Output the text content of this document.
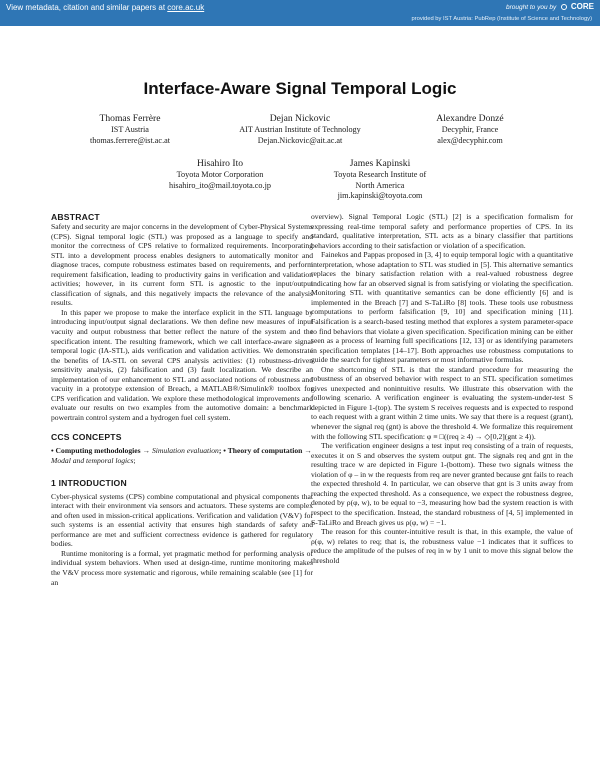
View metadata, citation and similar papers at core.ac.uk	brought to you by CORE
provided by IST Austria: PubRep (Institute of Science and Technology)
Interface-Aware Signal Temporal Logic
Thomas Ferrère
IST Austria
thomas.ferrere@ist.ac.at
Dejan Nickovic
AIT Austrian Institute of Technology
Dejan.Nickovic@ait.ac.at
Alexandre Donzé
Decyphir, France
alex@decyphir.com
Hisahiro Ito
Toyota Motor Corporation
hisahiro_ito@mail.toyota.co.jp
James Kapinski
Toyota Research Institute of
North America
jim.kapinski@toyota.com
ABSTRACT

Safety and security are major concerns in the development of Cyber-Physical Systems (CPS). Signal temporal logic (STL) was proposed as a language to specify and monitor the correctness of CPS relative to formalized requirements. Incorporating STL into a development process enables designers to automatically monitor and diagnose traces, compute robustness estimates based on requirements, and perform requirement falsification, leading to productivity gains in verification and validation activities; however, in its current form STL is agnostic to the input/output classification of signals, and this negatively impacts the relevance of the analysis results.

In this paper we propose to make the interface explicit in the STL language by introducing input/output signal declarations. We then define new measures of input vacuity and output robustness that better reflect the nature of the system and the specification intent. The resulting framework, which we call interface-aware signal temporal logic (IA-STL), aids verification and validation activities. We demonstrate the benefits of IA-STL on several CPS analysis activities: (1) robustness-driven sensitivity analysis, (2) falsification and (3) fault localization. We describe an implementation of our enhancement to STL and associated notions of robustness and vacuity in a prototype extension of Breach, a MATLAB®/Simulink® toolbox for CPS verification and validation. We explore these methodological improvements and evaluate our results on two examples from the automotive domain: a benchmark powertrain control system and a hydrogen fuel cell system.

CCS CONCEPTS

• Computing methodologies → Simulation evaluation; • Theory of computation → Modal and temporal logics;

1 INTRODUCTION

Cyber-physical systems (CPS) combine computational and physical components that interact with their environment via sensors and actuators. These systems are complex and often used in mission-critical applications. Verification and validation (V&V) for such systems is an essential activity that ensures high standards of safety and performance are met and sufficient correctness evidence is gathered for regulatory bodies.

Runtime monitoring is a formal, yet pragmatic method for performing analysis of individual system behaviors. When used at design-time, runtime monitoring makes the V&V process more systematic and rigorous, while remaining scalable (see [1] for an

overview). Signal Temporal Logic (STL) [2] is a specification formalism for expressing real-time temporal safety and performance properties of CPS. In its standard, qualitative interpretation, STL acts as a binary classifier that partitions behaviors according to their satisfaction or violation of a specification.

Fainekos and Pappas proposed in [3, 4] to equip temporal logic with a quantitative interpretation, whose adaptation to STL was studied in [5]. This alternative semantics replaces the binary satisfaction relation with a real-valued robustness degree indicating how far an observed signal is from satisfying or violating the specification. Monitoring STL with quantitative semantics can be done efficiently [6] and is implemented in the Breach [7] and S-TaLiRo [8] tools. These tools use robustness computations to perform falsification [9, 10] and specification mining [11]. Falsification is a search-based testing method that explores a system parameter-space to find behaviors that violate a given specification. Specification mining can be either seen as a process of learning full specifications [12, 13] or as identifying parameters in specification templates [14–17]. Both approaches use robustness computations to guide the search for tightest parameters or most informative formulas.

One shortcoming of STL is that the standard procedure for measuring the robustness of an observed behavior with respect to an STL specification sometimes gives unexpected and nonintuitive results. We illustrate this observation with the following scenario. A verification engineer is evaluating the system-under-test S depicted in Figure 1-(top). The system S receives requests and is expected to respond to each request with a grant within 2 time units. We say that there is a request (grant), whenever the signal req (gnt) is above the threshold 4. We formalize this requirement with the following STL specification: φ ≡ □((req ≥ 4) → ◇[0,2](gnt ≥ 4)).

The verification engineer designs a test input req consisting of a train of requests, executes it on S and observes the system output gnt. The signals req and gnt in the resulting trace w are depicted in Figure 1-(bottom). These two signals witness the violation of φ – in w the requests from req are never granted because gnt fails to reach the expected threshold 4. In particular, we can observe that gnt is 3 units away from reaching the expected threshold. As a consequence, we expect the robustness degree, denoted by ρ(φ, w), to be equal to −3, measuring how bad the system reaction is with respect to the specification. Instead, the standard robustness of [4, 5] implemented in S-TaLiRo and Breach gives us ρ(φ, w) = −1.

The reason for this counter-intuitive result is that, in this example, the value of ρ(φ, w) relates to req; that is, the robustness value −1 indicates that it suffices to reduce the amplitude of the pulses of req in w by 1 unit to move this signal below the threshold
